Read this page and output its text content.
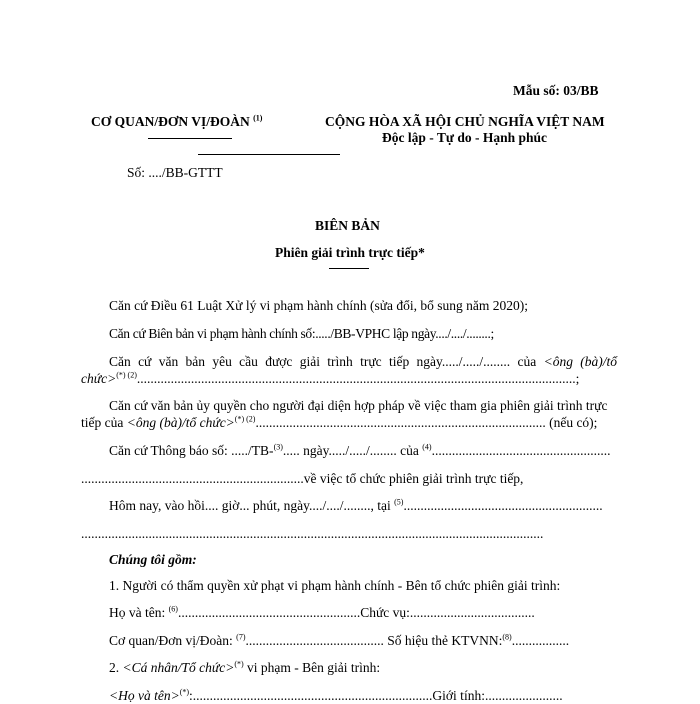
Mẫu số: 03/BB
CƠ QUAN/ĐƠN VỊ/ĐOÀN $^{(1)}$	CỘNG HÒA XÃ HỘI CHỦ NGHĨA VIỆT NAM
Độc lập - Tự do - Hạnh phúc
Số: ..../BB-GTTT
BIÊN BẢN
Phiên giải trình trực tiếp*
Căn cứ Điều 61 Luật Xử lý vi phạm hành chính (sửa đổi, bổ sung năm 2020);
Căn cứ Biên bản vi phạm hành chính số:...../BB-VPHC lập ngày..../..../........;
Căn cứ văn bản yêu cầu được giải trình trực tiếp ngày...../...../........ của <ông (bà)/tổ
chức>$^{(*) (2)}$..................................................................................................................................;
Căn cứ văn bản ủy quyền cho người đại diện hợp pháp về việc tham gia phiên giải trình trực
tiếp của <ông (bà)/tổ chức>$^{(*) (2)}$...................................................................................... (nếu có);
Căn cứ Thông báo số: ...../TB-$^{(3)}$..... ngày...../...../........ của $^{(4)}$.....................................................
..................................................................về việc tổ chức phiên giải trình trực tiếp,
Hôm nay, vào hồi.... giờ... phút, ngày..../..../........, tại $^{(5)}$...........................................................
.........................................................................................................................................
Chúng tôi gồm:
1. Người có thẩm quyền xử phạt vi phạm hành chính - Bên tổ chức phiên giải trình:
Họ và tên: $^{(6)}$......................................................Chức vụ:.....................................
Cơ quan/Đơn vị/Đoàn: $^{(7)}$......................................... Số hiệu thẻ KTVNN:$^{(8)}$.................
2. <Cá nhân/Tổ chức>(*) vi phạm - Bên giải trình:
<Họ và tên>(*):.......................................................................Giới tính:.......................
